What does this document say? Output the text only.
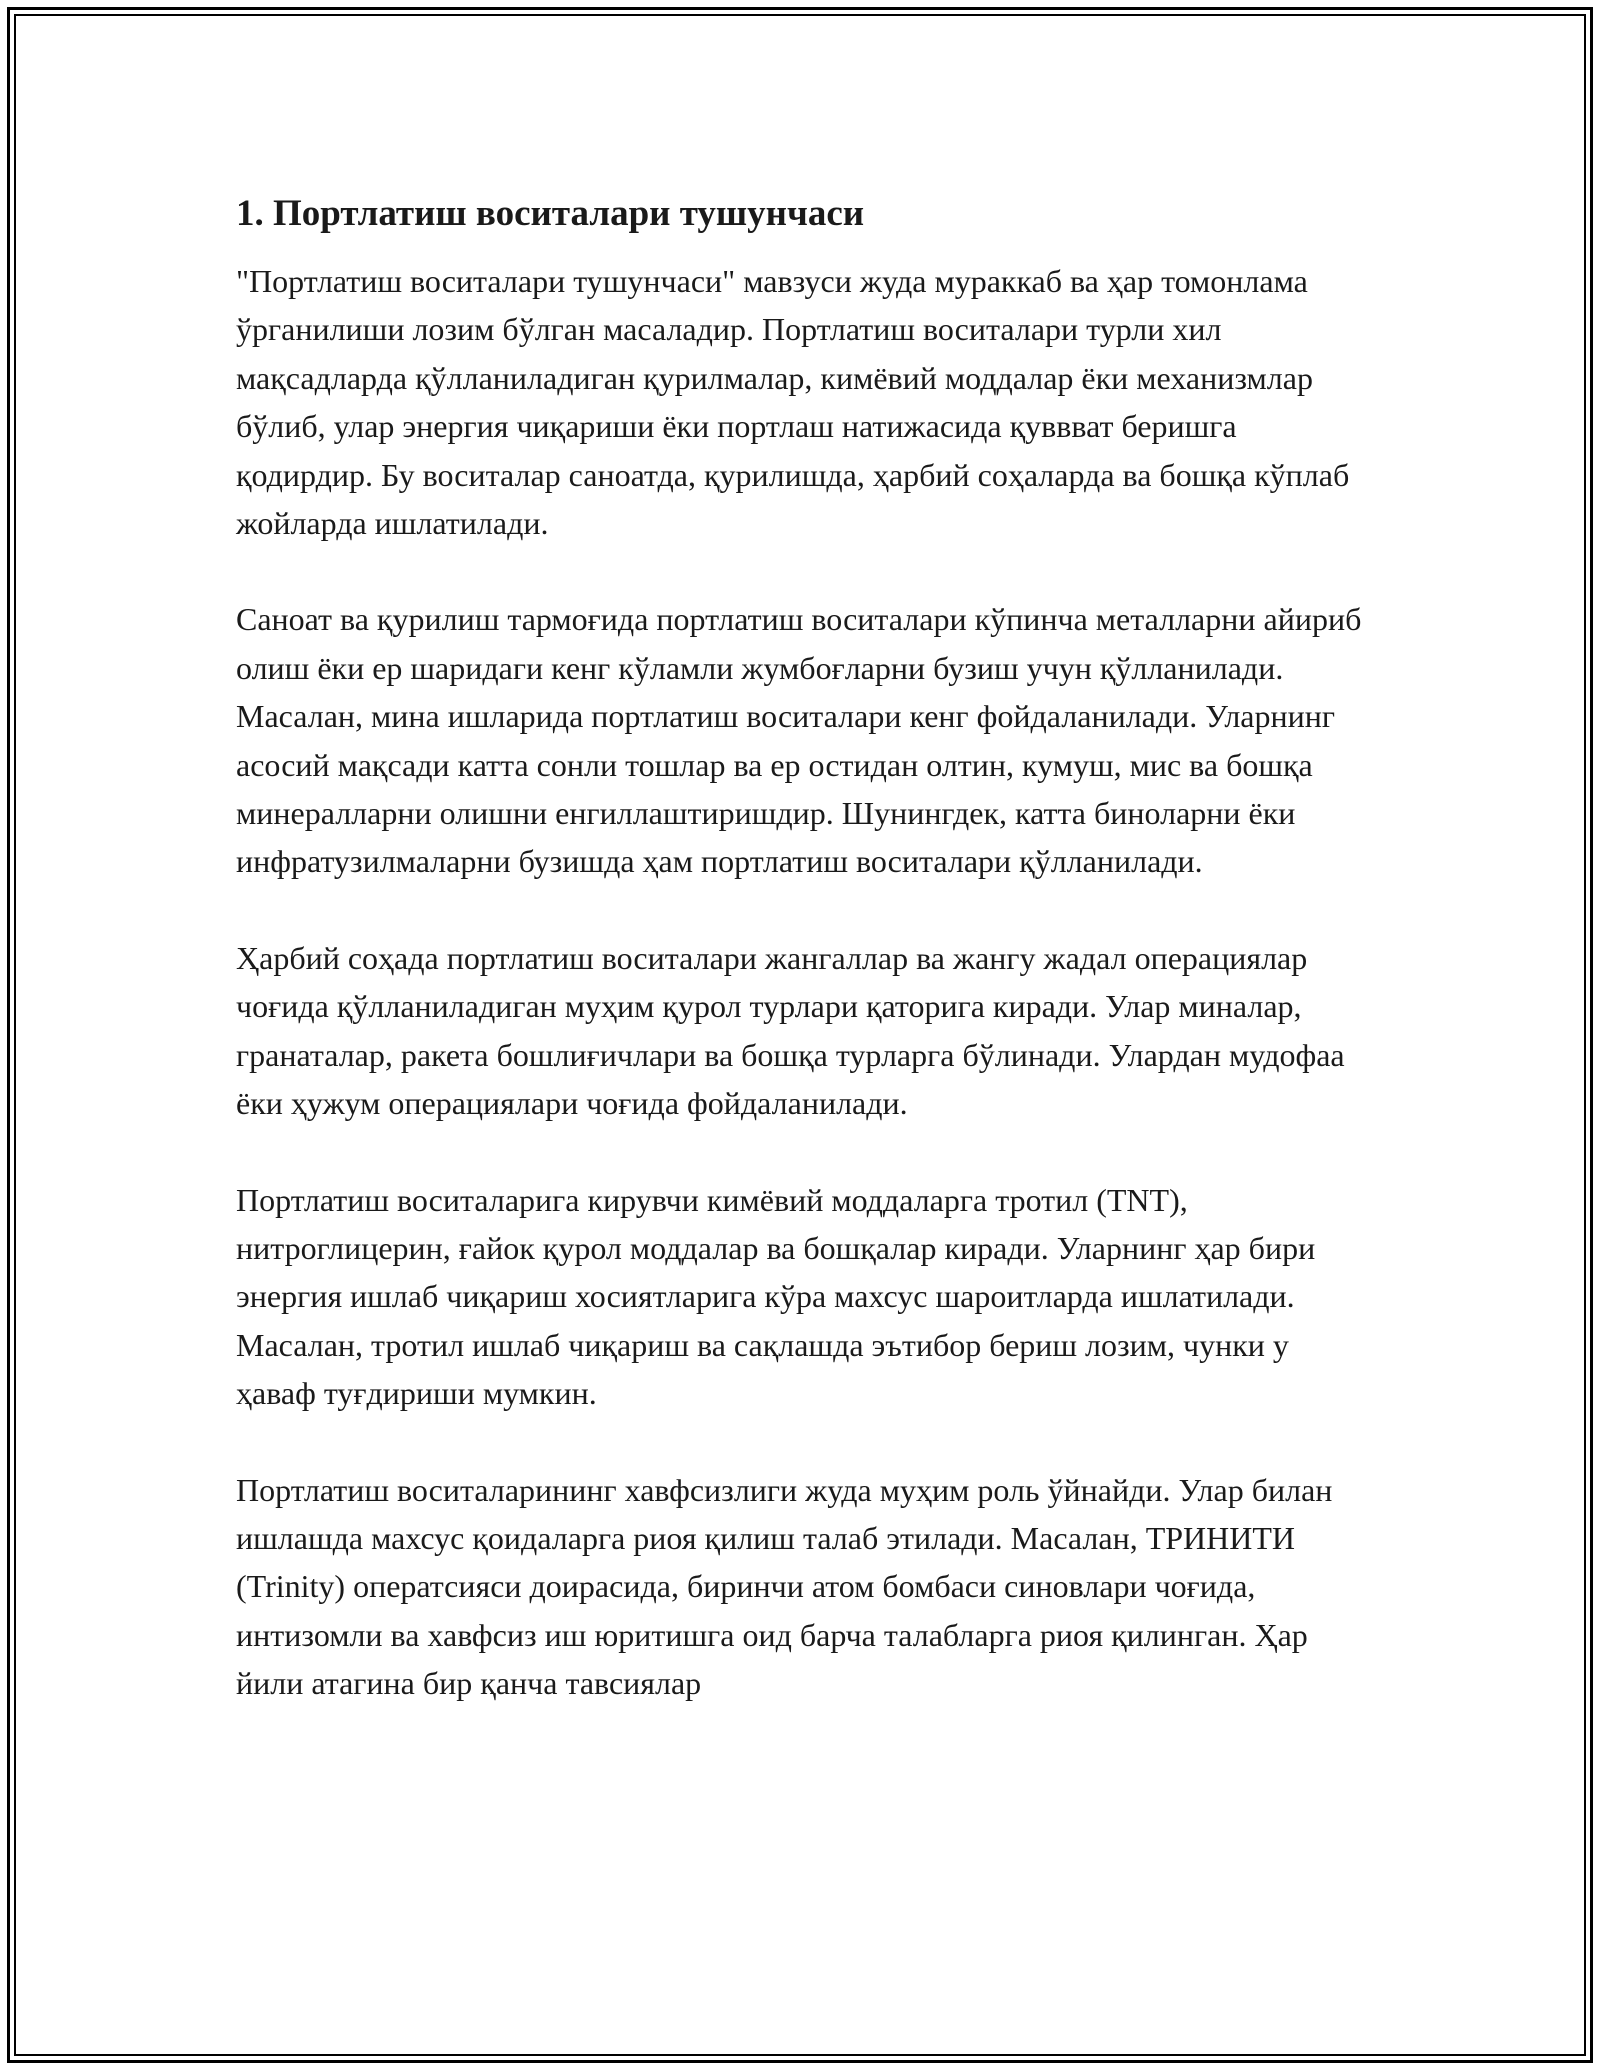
1. Портлатиш воситалари тушунчаси

"Портлатиш воситалари тушунчаси" мавзуси жуда мураккаб ва ҳар томонлама ўрганилиши лозим бўлган масаладир. Портлатиш воситалари турли хил мақсадларда қўлланиладиган қурилмалар, кимёвий моддалар ёки механизмлар бўлиб, улар энергия чиқариши ёки портлаш натижасида қуввват беришга қодирдир. Бу воситалар саноатда, қурилишда, ҳарбий соҳаларда ва бошқа кўплаб жойларда ишлатилади.

Саноат ва қурилиш тармоғида портлатиш воситалари кўпинча металларни айириб олиш ёки ер шаридаги кенг кўламли жумбоғларни бузиш учун қўлланилади. Масалан, мина ишларида портлатиш воситалари кенг фойдаланилади. Уларнинг асосий мақсади катта сонли тошлар ва ер остидан олтин, кумуш, мис ва бошқа минералларни олишни енгиллаштиришдир. Шунингдек, катта биноларни ёки инфратузилмаларни бузишда ҳам портлатиш воситалари қўлланилади.

Ҳарбий соҳада портлатиш воситалари жангаллар ва жангу жадал операциялар чоғида қўлланиладиган муҳим қурол турлари қаторига киради. Улар миналар, гранаталар, ракета бошлиғичлари ва бошқа турларга бўлинади. Улардан мудофаа ёки ҳужум операциялари чоғида фойдаланилади.

Портлатиш воситаларига кирувчи кимёвий моддаларга тротил (TNT), нитроглицерин, ғайок қурол моддалар ва бошқалар киради. Уларнинг ҳар бири энергия ишлаб чиқариш хосиятларига кўра махсус шароитларда ишлатилади. Масалан, тротил ишлаб чиқариш ва сақлашда эътибор бериш лозим, чунки у ҳаваф туғдириши мумкин.

Портлатиш воситаларининг хавфсизлиги жуда муҳим роль ўйнайди. Улар билан ишлашда махсус қоидаларга риоя қилиш талаб этилади. Масалан, ТРИНИТИ (Trinity) оператсияси доирасида, биринчи атом бомбаси синовлари чоғида, интизомли ва хавфсиз иш юритишга оид барча талабларга риоя қилинган. Ҳар йили атагина бир қанча тавсиялар
